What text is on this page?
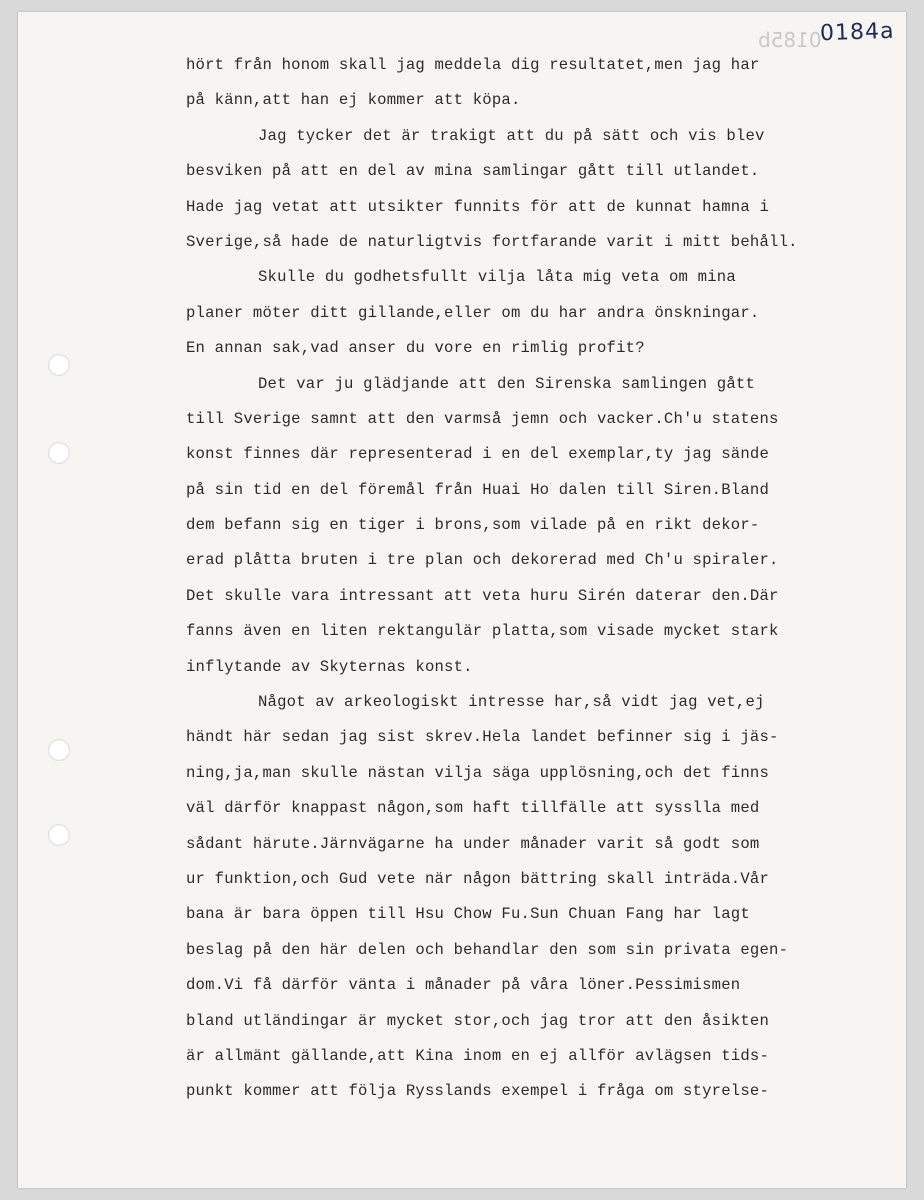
0185b
0184a

hört från honom skall jag meddela dig resultatet,men jag har
på känn,att han ej kommer att köpa.
Jag tycker det är trakigt att du på sätt och vis blev
besviken på att en del av mina samlingar gått till utlandet.
Hade jag vetat att utsikter funnits för att de kunnat hamna i
Sverige,så hade de naturligtvis fortfarande varit i mitt behåll.
Skulle du godhetsfullt vilja låta mig veta om mina
planer möter ditt gillande,eller om du har andra önskningar.
En annan sak,vad anser du vore en rimlig profit?
Det var ju glädjande att den Sirenska samlingen gått
till Sverige samnt att den varmså jemn och vacker.Ch'u statens
konst finnes där representerad i en del exemplar,ty jag sände
på sin tid en del föremål från Huai Ho dalen till Siren.Bland
dem befann sig en tiger i brons,som vilade på en rikt dekor-
erad plåtta bruten i tre plan och dekorerad med Ch'u spiraler.
Det skulle vara intressant att veta huru Sirén daterar den.Där
fanns även en liten rektangulär platta,som visade mycket stark
inflytande av Skyternas konst.
Något av arkeologiskt intresse har,så vidt jag vet,ej
händt här sedan jag sist skrev.Hela landet befinner sig i jäs-
ning,ja,man skulle nästan vilja säga upplösning,och det finns
väl därför knappast någon,som haft tillfälle att sysslla med
sådant härute.Järnvägarne ha under månader varit så godt som
ur funktion,och Gud vete när någon bättring skall inträda.Vår
bana är bara öppen till Hsu Chow Fu.Sun Chuan Fang har lagt
beslag på den här delen och behandlar den som sin privata egen-
dom.Vi få därför vänta i månader på våra löner.Pessimismen
bland utländingar är mycket stor,och jag tror att den åsikten
är allmänt gällande,att Kina inom en ej allför avlägsen tids-
punkt kommer att följa Rysslands exempel i fråga om styrelse-
